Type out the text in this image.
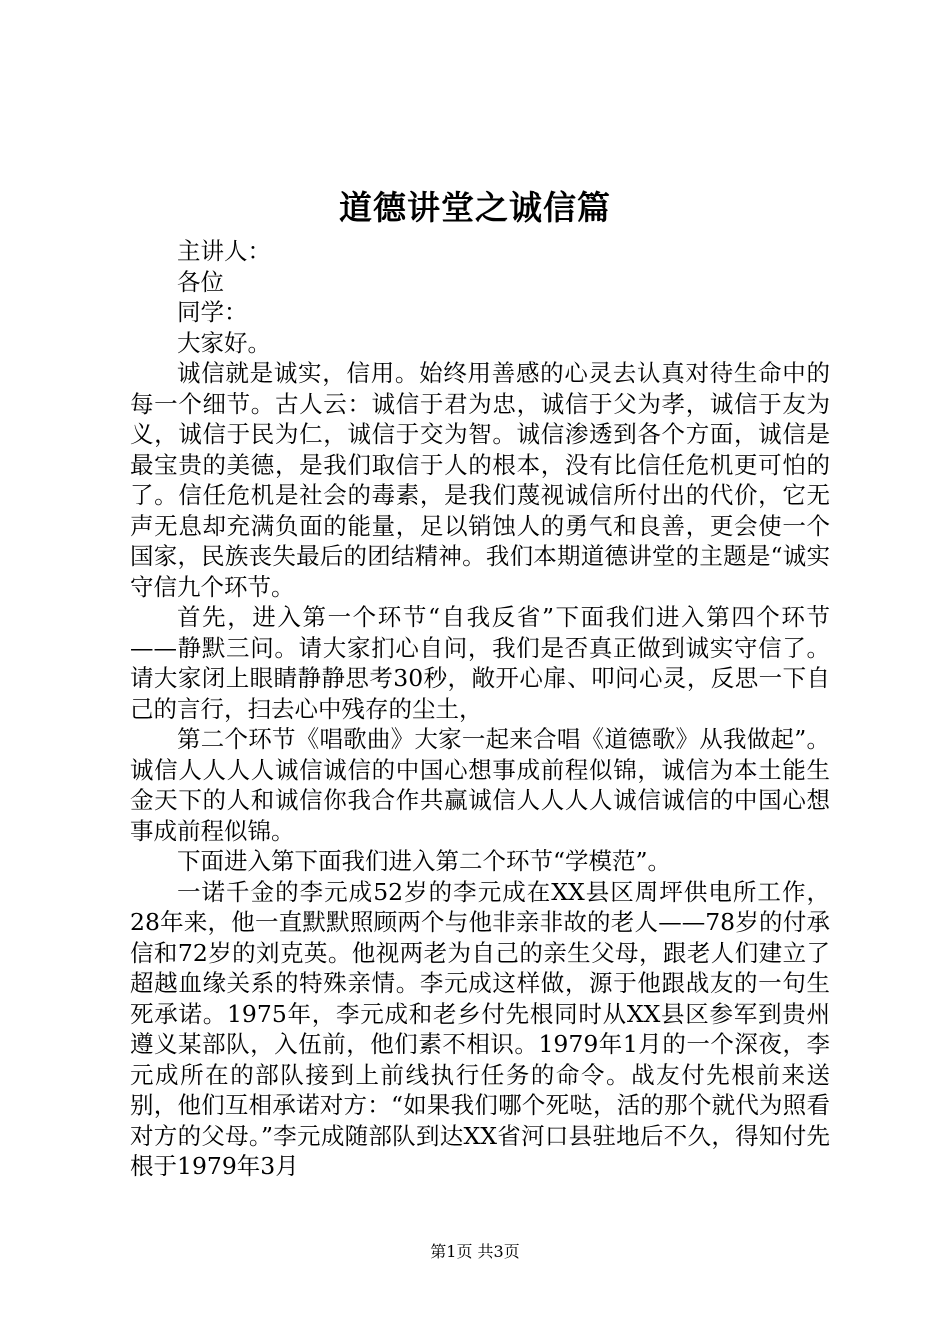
道德讲堂之诚信篇

主讲人：

各位

同学：

大家好。

诚信就是诚实，信用。始终用善感的心灵去认真对待生命中的每一个细节。古人云：诚信于君为忠，诚信于父为孝，诚信于友为义，诚信于民为仁，诚信于交为智。诚信渗透到各个方面，诚信是最宝贵的美德，是我们取信于人的根本，没有比信任危机更可怕的了。信任危机是社会的毒素，是我们蔑视诚信所付出的代价，它无声无息却充满负面的能量，足以销蚀人的勇气和良善，更会使一个国家，民族丧失最后的团结精神。我们本期道德讲堂的主题是“诚实守信九个环节。

首先，进入第一个环节“自我反省”下面我们进入第四个环节——静默三问。请大家扪心自问，我们是否真正做到诚实守信了。请大家闭上眼睛静静思考30秒，敞开心扉、叩问心灵，反思一下自己的言行，扫去心中残存的尘土，

第二个环节《唱歌曲》大家一起来合唱《道德歌》从我做起”。诚信人人人人诚信诚信的中国心想事成前程似锦，诚信为本土能生金天下的人和诚信你我合作共赢诚信人人人人诚信诚信的中国心想事成前程似锦。

下面进入第下面我们进入第二个环节“学模范”。

一诺千金的李元成52岁的李元成在XX县区周坪供电所工作，28年来，他一直默默照顾两个与他非亲非故的老人——78岁的付承信和72岁的刘克英。他视两老为自己的亲生父母，跟老人们建立了超越血缘关系的特殊亲情。李元成这样做，源于他跟战友的一句生死承诺。1975年，李元成和老乡付先根同时从XX县区参军到贵州遵义某部队，入伍前，他们素不相识。1979年1月的一个深夜，李元成所在的部队接到上前线执行任务的命令。战友付先根前来送别，他们互相承诺对方：“如果我们哪个死哒，活的那个就代为照看对方的父母。”李元成随部队到达XX省河口县驻地后不久，得知付先根于1979年3月

第1页 共3页
